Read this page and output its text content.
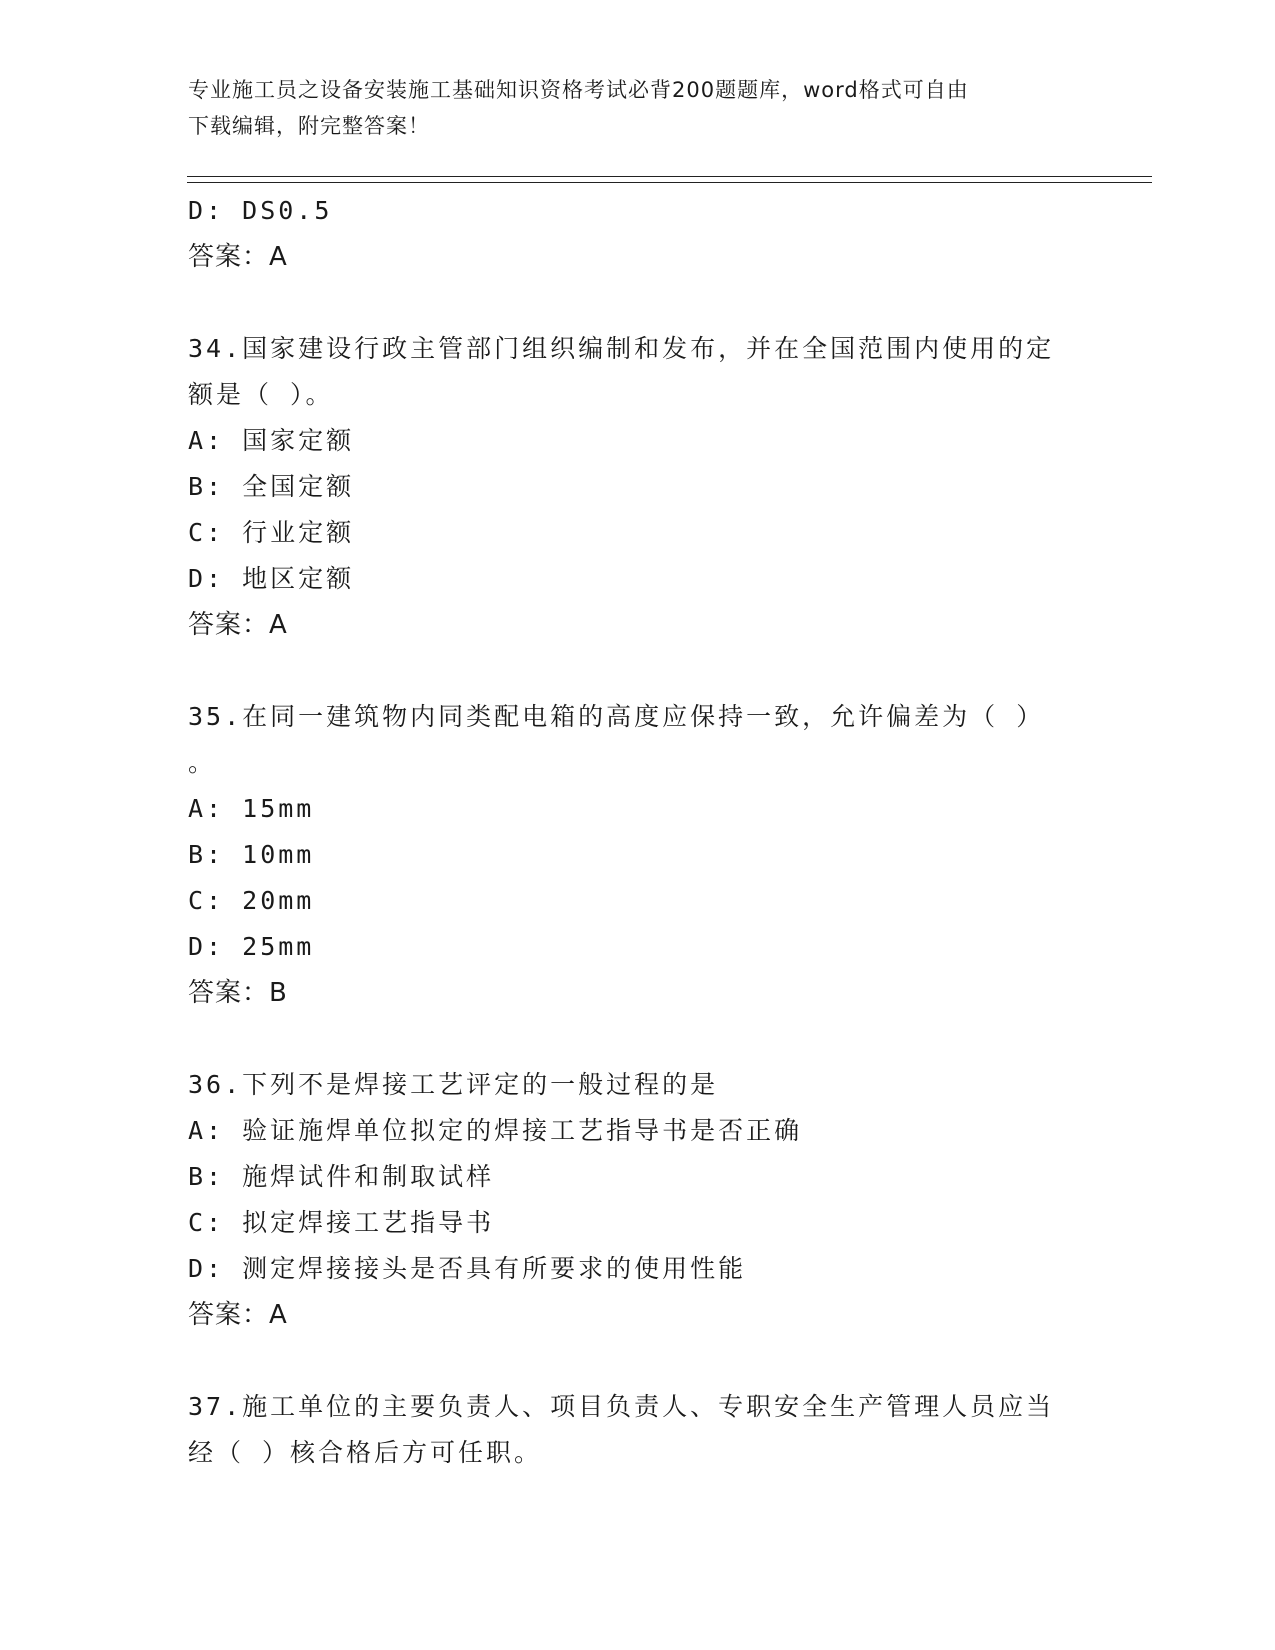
专业施工员之设备安装施工基础知识资格考试必背200题题库，word格式可自由
下载编辑，附完整答案！
D: DS0.5
答案：A
34.国家建设行政主管部门组织编制和发布，并在全国范围内使用的定
额是（ ）。
A: 国家定额
B: 全国定额
C: 行业定额
D: 地区定额
答案：A
35.在同一建筑物内同类配电箱的高度应保持一致，允许偏差为（ ）
。
A: 15mm
B: 10mm
C: 20mm
D: 25mm
答案：B
36.下列不是焊接工艺评定的一般过程的是
A: 验证施焊单位拟定的焊接工艺指导书是否正确
B: 施焊试件和制取试样
C: 拟定焊接工艺指导书
D: 测定焊接接头是否具有所要求的使用性能
答案：A
37.施工单位的主要负责人、项目负责人、专职安全生产管理人员应当
经（ ）核合格后方可任职。
